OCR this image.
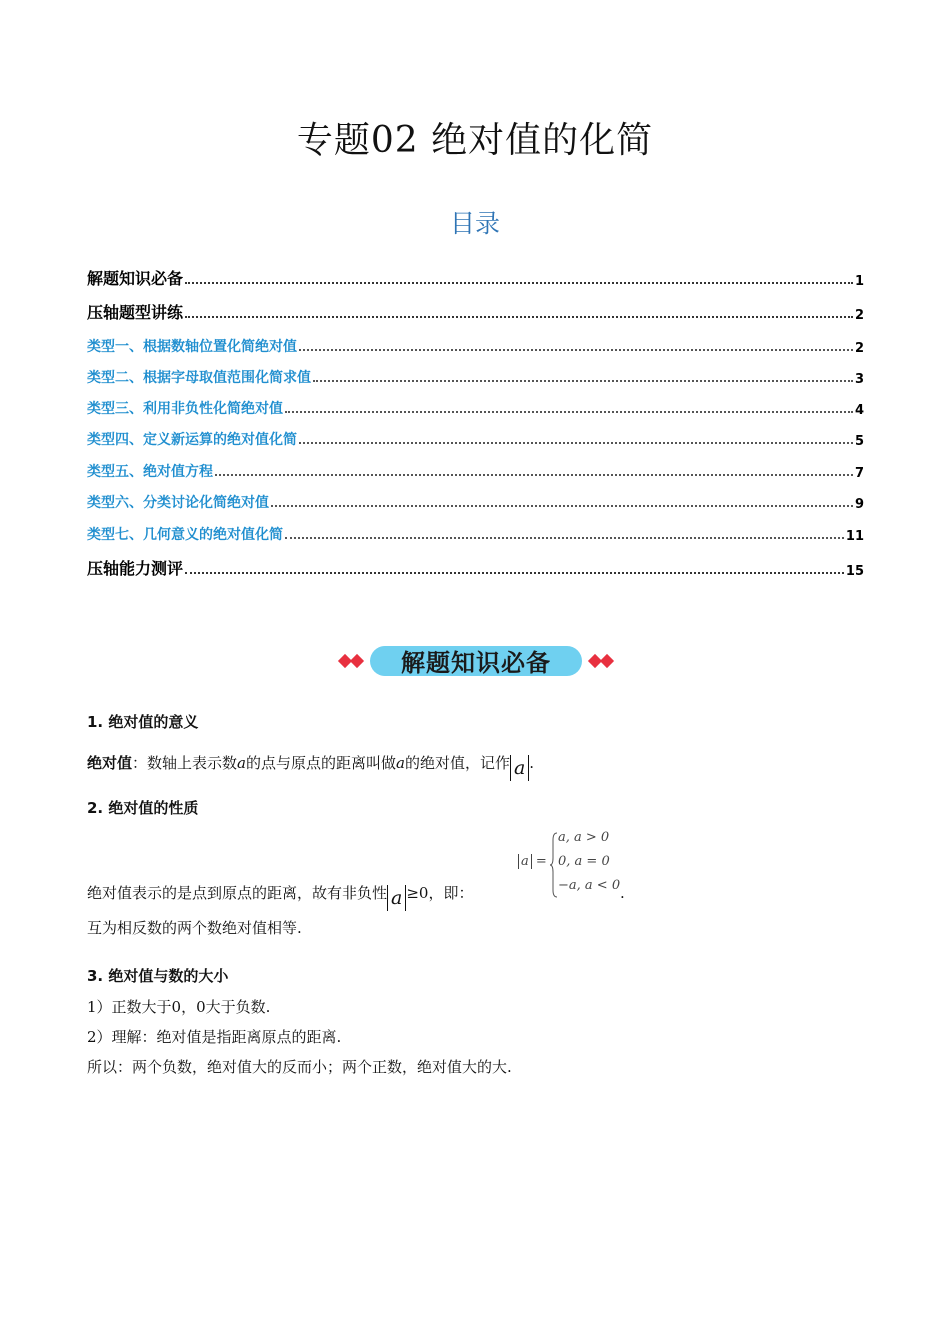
专题02 绝对值的化简
目录
解题知识必备	1
压轴题型讲练	2
类型一、根据数轴位置化简绝对值	2
类型二、根据字母取值范围化简求值	3
类型三、利用非负性化简绝对值	4
类型四、定义新运算的绝对值化简	5
类型五、绝对值方程	7
类型六、分类讨论化简绝对值	9
类型七、几何意义的绝对值化简	11
压轴能力测评	15
解题知识必备
1. 绝对值的意义
绝对值：数轴上表示数a的点与原点的距离叫做a的绝对值，记作 a .
2. 绝对值的性质
绝对值表示的是点到原点的距离，故有非负性 a ≥0，即：
a =
a, a > 0
0, a = 0
−a, a < 0 .
互为相反数的两个数绝对值相等.
3. 绝对值与数的大小
1）正数大于0，0大于负数.
2）理解：绝对值是指距离原点的距离.
所以：两个负数，绝对值大的反而小；两个正数，绝对值大的大.
